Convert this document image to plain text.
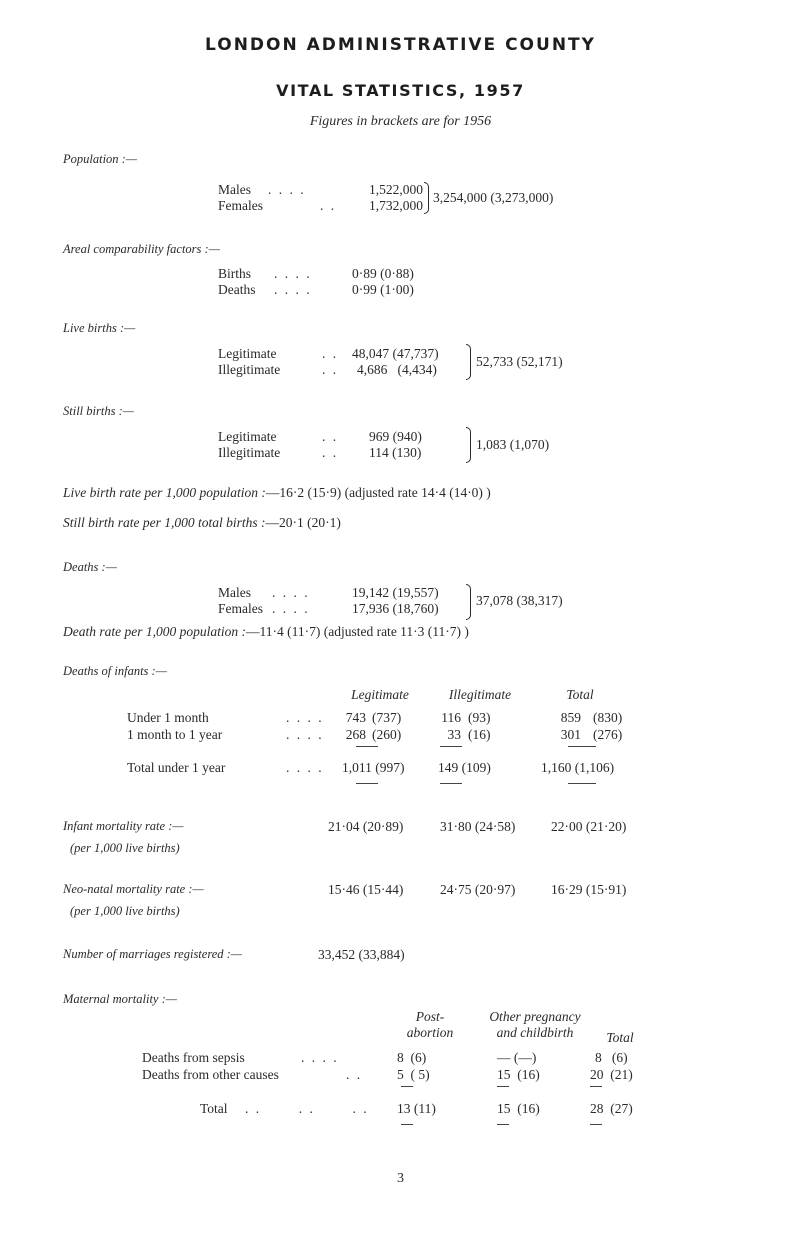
LONDON ADMINISTRATIVE COUNTY
VITAL STATISTICS, 1957
Figures in brackets are for 1956
Population :—
Males . . . .	1,522,000
Females	. .	1,732,000
3,254,000 (3,273,000)
Areal comparability factors :—
Births . . . .	0·89 (0·88)
Deaths . . . .	0·99 (1·00)
Live births :—
Legitimate	. . 48,047 (47,737)
Illegitimate	. . 4,686   (4,434)
52,733 (52,171)
Still births :—
Legitimate	. . 969 (940)
Illegitimate	. . 114 (130)
1,083 (1,070)
Live birth rate per 1,000 population :—16·2 (15·9) (adjusted rate 14·4 (14·0) )
Still birth rate per 1,000 total births :—20·1 (20·1)
Deaths :—
Males . . . .	19,142 (19,557)
Females . . . .	17,936 (18,760)
37,078 (38,317)
Death rate per 1,000 population :—11·4 (11·7) (adjusted rate 11·3 (11·7) )
Deaths of infants :—
Legitimate	Illegitimate	Total
Under 1 month	. . . .	743 (737)	116 (93)	859 (830)
1 month to 1 year	. . . .	268 (260)	33 (16)	301 (276)
Total under 1 year	. . . . 1,011 (997) 149 (109)	1,160 (1,106)
Infant mortality rate :—
(per 1,000 live births)
21·04 (20·89)	31·80 (24·58)	22·00 (21·20)
Neo-natal mortality rate :—
(per 1,000 live births)
15·46 (15·44)	24·75 (20·97)	16·29 (15·91)
Number of marriages registered :—	33,452 (33,884)
Maternal mortality :—
Post-
abortion
Other pregnancy
and childbirth	Total
Deaths from sepsis	. . . .	8  (6)	— (—)	8   (6)
Deaths from other causes	. .	5  ( 5)	15  (16)	20  (21)
Total . .       . .       . . 13 (11)	15  (16)	28  (27)
3
